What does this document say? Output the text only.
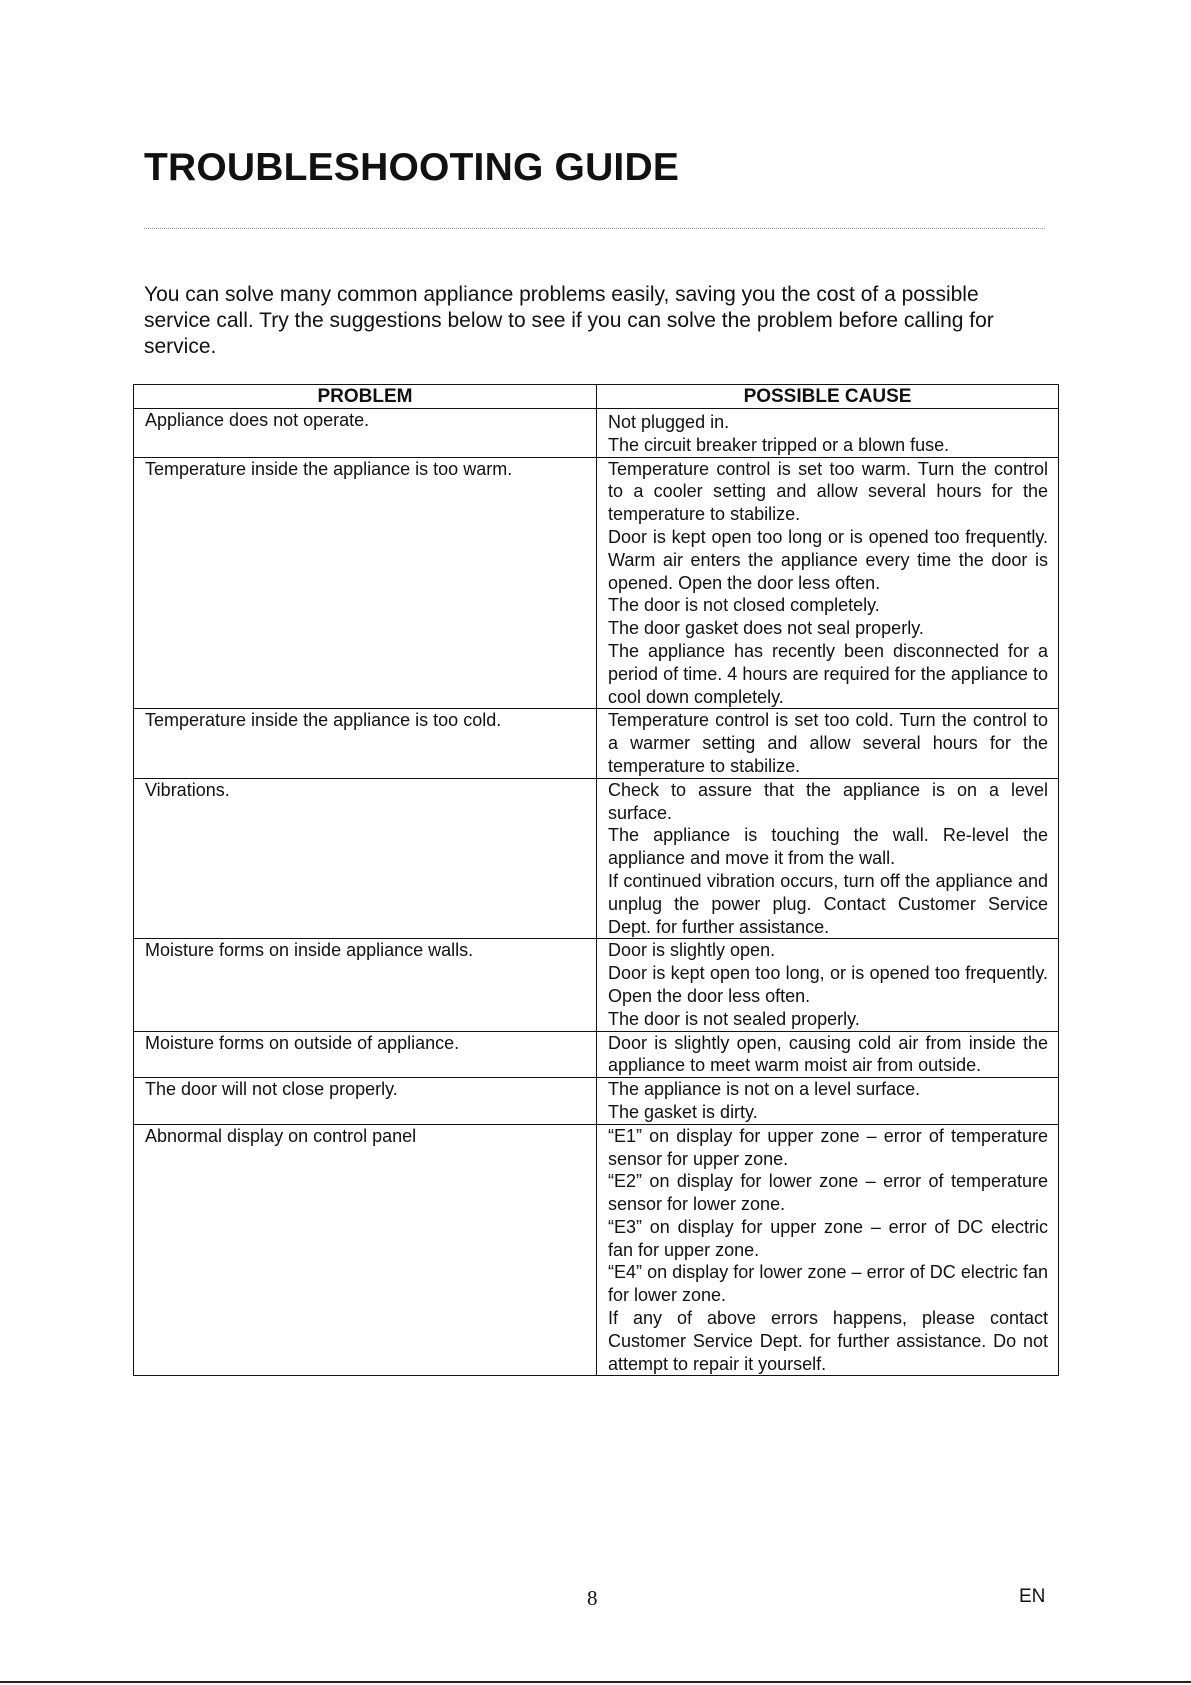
TROUBLESHOOTING GUIDE

You can solve many common appliance problems easily, saving you the cost of a possible service call. Try the suggestions below to see if you can solve the problem before calling for service.

PROBLEM	POSSIBLE CAUSE
Appliance does not operate.	Not plugged in.

The circuit breaker tripped or a blown fuse.

Temperature inside the appliance is too warm.	Temperature control is set too warm. Turn the control to a cooler setting and allow several hours for the temperature to stabilize.

Door is kept open too long or is opened too frequently. Warm air enters the appliance every time the door is opened. Open the door less often.

The door is not closed completely.

The door gasket does not seal properly.

The appliance has recently been disconnected for a period of time. 4 hours are required for the appliance to cool down completely.

Temperature inside the appliance is too cold.	Temperature control is set too cold. Turn the control to a warmer setting and allow several hours for the temperature to stabilize.

Vibrations.	Check to assure that the appliance is on a level surface.

The appliance is touching the wall. Re-level the appliance and move it from the wall.

If continued vibration occurs, turn off the appliance and unplug the power plug. Contact Customer Service Dept. for further assistance.

Moisture forms on inside appliance walls.	Door is slightly open.

Door is kept open too long, or is opened too frequently. Open the door less often.

The door is not sealed properly.

Moisture forms on outside of appliance.	Door is slightly open, causing cold air from inside the appliance to meet warm moist air from outside.

The door will not close properly.	The appliance is not on a level surface.

The gasket is dirty.

Abnormal display on control panel	“E1” on display for upper zone – error of temperature sensor for upper zone.

“E2” on display for lower zone – error of temperature sensor for lower zone.

“E3” on display for upper zone – error of DC electric fan for upper zone.

“E4” on display for lower zone – error of DC electric fan for lower zone.

If any of above errors happens, please contact Customer Service Dept. for further assistance. Do not attempt to repair it yourself.

8	EN
